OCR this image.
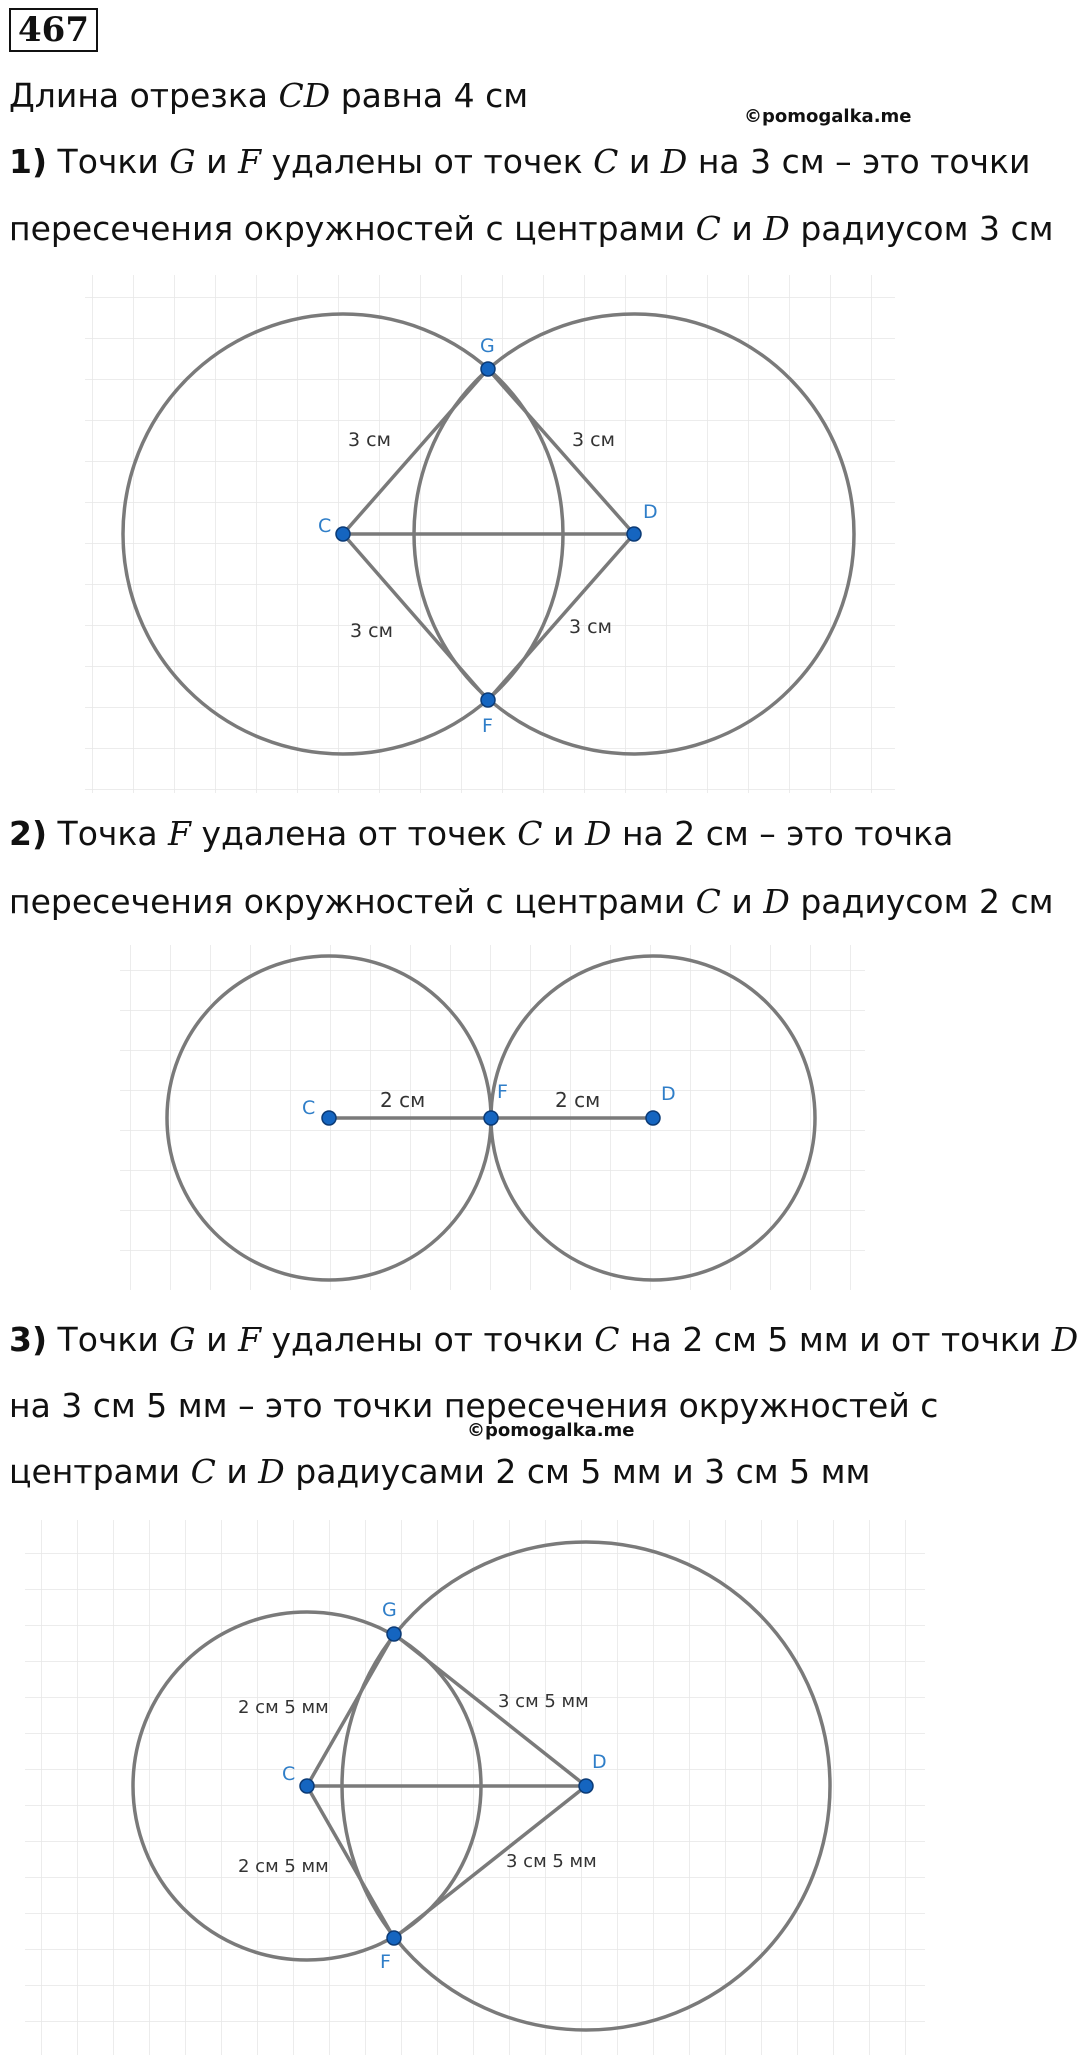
467
Длина отрезка CD равна 4 см
©pomogalka.me
1) Точки G и F удалены от точек C и D на 3 см – это точки
пересечения окружностей с центрами C и D радиусом 3 см
G
C
D
F
3 см	3 см
3 см	3 см
2) Точка F удалена от точек C и D на 2 см – это точка
пересечения окружностей с центрами C и D радиусом 2 см
C
F	D
2 см	2 см
3) Точки G и F удалены от точки C на 2 см 5 мм и от точки D
на 3 см 5 мм – это точки пересечения окружностей с
©pomogalka.me
центрами C и D радиусами 2 см 5 мм и 3 см 5 мм
G
C
D
F
2 см 5 мм	3 см 5 мм
2 см 5 мм	3 см 5 мм
